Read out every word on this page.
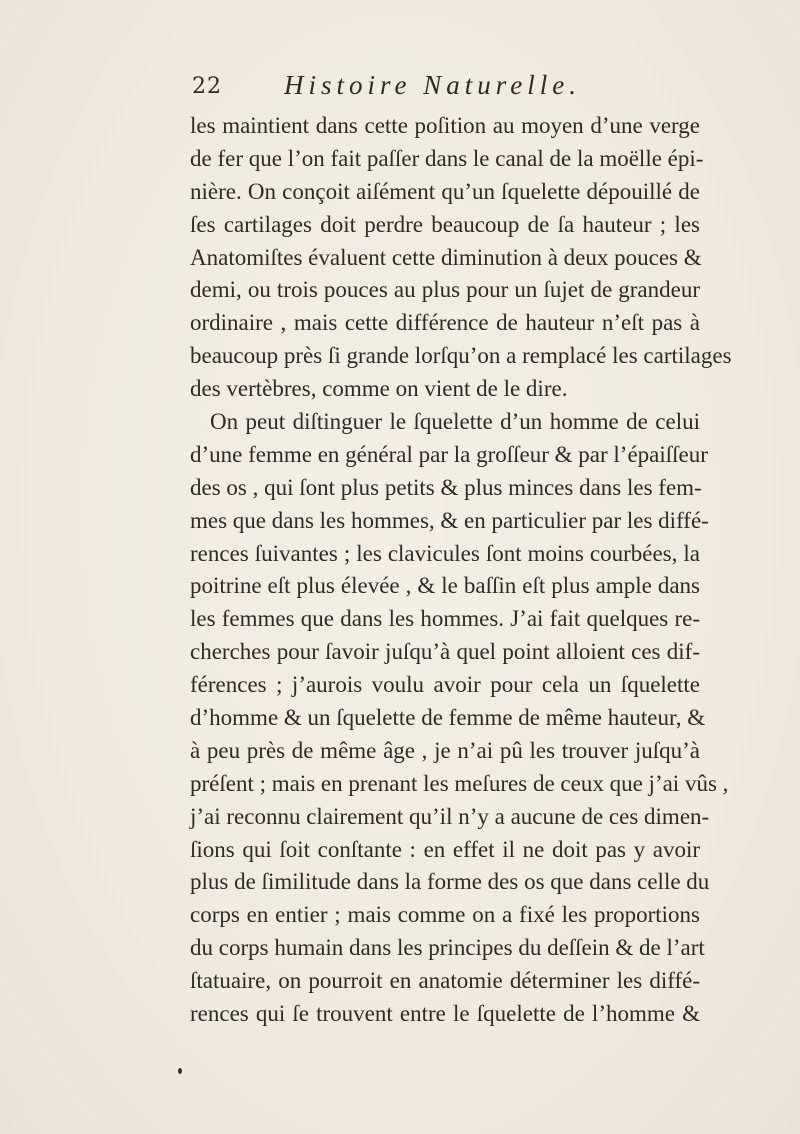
22 Histoire Naturelle.
les maintient dans cette poſition au moyen d’une verge
de fer que l’on fait paſſer dans le canal de la moëlle épi-
nière. On conçoit aiſément qu’un ſquelette dépouillé de
ſes cartilages doit perdre beaucoup de ſa hauteur ; les
Anatomiſtes évaluent cette diminution à deux pouces &
demi, ou trois pouces au plus pour un ſujet de grandeur
ordinaire , mais cette différence de hauteur n’eſt pas à
beaucoup près ſi grande lorſqu’on a remplacé les cartilages
des vertèbres, comme on vient de le dire.
On peut diſtinguer le ſquelette d’un homme de celui
d’une femme en général par la groſſeur & par l’épaiſſeur
des os , qui ſont plus petits & plus minces dans les fem-
mes que dans les hommes, & en particulier par les diffé-
rences ſuivantes ; les clavicules ſont moins courbées, la
poitrine eſt plus élevée , & le baſſin eſt plus ample dans
les femmes que dans les hommes. J’ai fait quelques re-
cherches pour ſavoir juſqu’à quel point alloient ces dif-
férences ; j’aurois voulu avoir pour cela un ſquelette
d’homme & un ſquelette de femme de même hauteur, &
à peu près de même âge , je n’ai pû les trouver juſqu’à
préſent ; mais en prenant les meſures de ceux que j’ai vûs ,
j’ai reconnu clairement qu’il n’y a aucune de ces dimen-
ſions qui ſoit conſtante : en effet il ne doit pas y avoir
plus de ſimilitude dans la forme des os que dans celle du
corps en entier ; mais comme on a fixé les proportions
du corps humain dans les principes du deſſein & de l’art
ſtatuaire, on pourroit en anatomie déterminer les diffé-
rences qui ſe trouvent entre le ſquelette de l’homme &
